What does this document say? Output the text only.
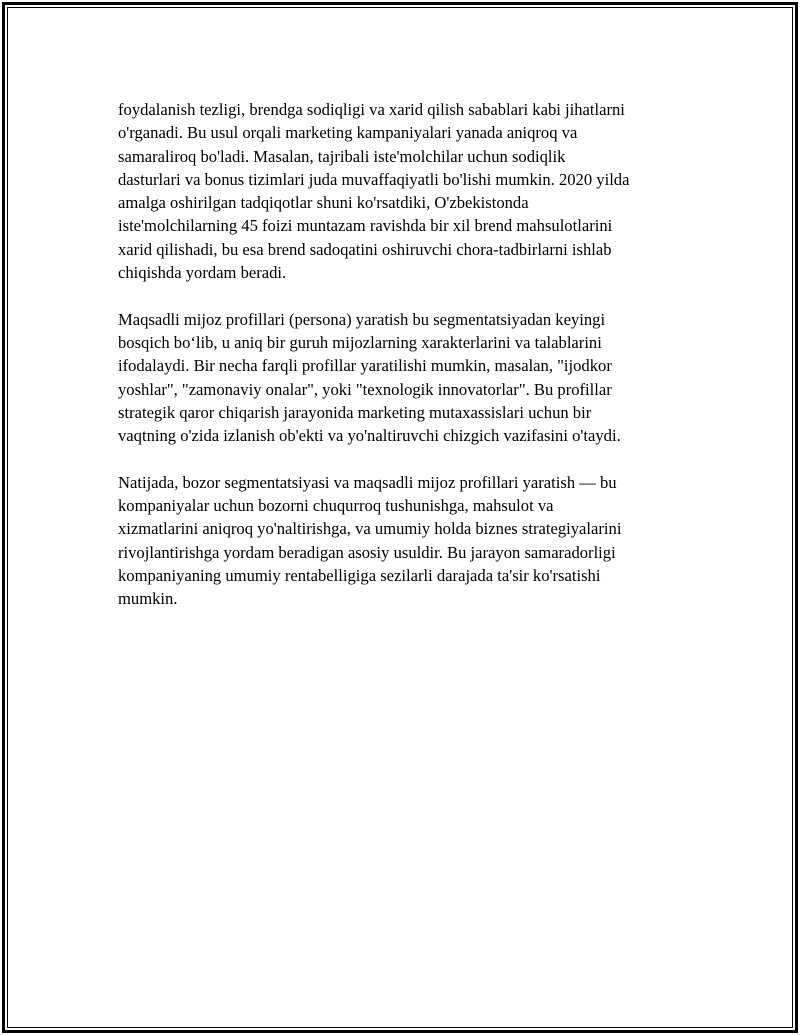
foydalanish tezligi, brendga sodiqligi va xarid qilish sabablari kabi jihatlarni
o'rganadi. Bu usul orqali marketing kampaniyalari yanada aniqroq va
samaraliroq bo'ladi. Masalan, tajribali iste'molchilar uchun sodiqlik
dasturlari va bonus tizimlari juda muvaffaqiyatli bo'lishi mumkin. 2020 yilda
amalga oshirilgan tadqiqotlar shuni ko'rsatdiki, O'zbekistonda
iste'molchilarning 45 foizi muntazam ravishda bir xil brend mahsulotlarini
xarid qilishadi, bu esa brend sadoqatini oshiruvchi chora-tadbirlarni ishlab
chiqishda yordam beradi.

Maqsadli mijoz profillari (persona) yaratish bu segmentatsiyadan keyingi
bosqich bo‘lib, u aniq bir guruh mijozlarning xarakterlarini va talablarini
ifodalaydi. Bir necha farqli profillar yaratilishi mumkin, masalan, "ijodkor
yoshlar", "zamonaviy onalar", yoki "texnologik innovatorlar". Bu profillar
strategik qaror chiqarish jarayonida marketing mutaxassislari uchun bir
vaqtning o'zida izlanish ob'ekti va yo'naltiruvchi chizgich vazifasini o'taydi.

Natijada, bozor segmentatsiyasi va maqsadli mijoz profillari yaratish — bu
kompaniyalar uchun bozorni chuqurroq tushunishga, mahsulot va
xizmatlarini aniqroq yo'naltirishga, va umumiy holda biznes strategiyalarini
rivojlantirishga yordam beradigan asosiy usuldir. Bu jarayon samaradorligi
kompaniyaning umumiy rentabelligiga sezilarli darajada ta'sir ko'rsatishi
mumkin.
